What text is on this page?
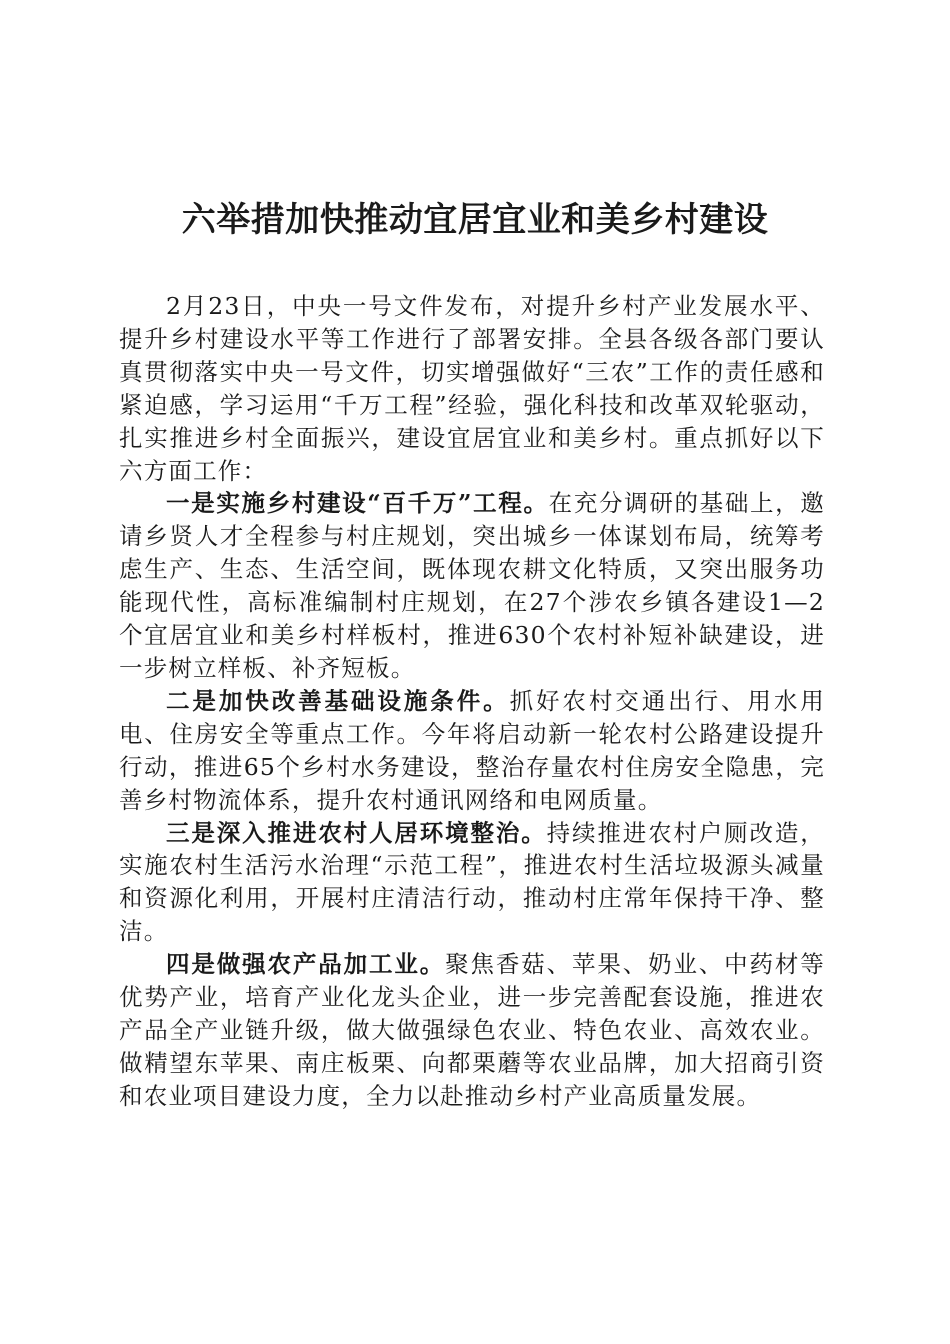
六举措加快推动宜居宜业和美乡村建设

2月23日，中央一号文件发布，对提升乡村产业发展水平、提升乡村建设水平等工作进行了部署安排。全县各级各部门要认真贯彻落实中央一号文件，切实增强做好“三农”工作的责任感和紧迫感，学习运用“千万工程”经验，强化科技和改革双轮驱动，扎实推进乡村全面振兴，建设宜居宜业和美乡村。重点抓好以下六方面工作：

一是实施乡村建设“百千万”工程。在充分调研的基础上，邀请乡贤人才全程参与村庄规划，突出城乡一体谋划布局，统筹考虑生产、生态、生活空间，既体现农耕文化特质，又突出服务功能现代性，高标准编制村庄规划，在27个涉农乡镇各建设1—2个宜居宜业和美乡村样板村，推进630个农村补短补缺建设，进一步树立样板、补齐短板。

二是加快改善基础设施条件。抓好农村交通出行、用水用电、住房安全等重点工作。今年将启动新一轮农村公路建设提升行动，推进65个乡村水务建设，整治存量农村住房安全隐患，完善乡村物流体系，提升农村通讯网络和电网质量。

三是深入推进农村人居环境整治。持续推进农村户厕改造，实施农村生活污水治理“示范工程”，推进农村生活垃圾源头减量和资源化利用，开展村庄清洁行动，推动村庄常年保持干净、整洁。

四是做强农产品加工业。聚焦香菇、苹果、奶业、中药材等优势产业，培育产业化龙头企业，进一步完善配套设施，推进农产品全产业链升级，做大做强绿色农业、特色农业、高效农业。做精望东苹果、南庄板栗、向都栗蘑等农业品牌，加大招商引资和农业项目建设力度，全力以赴推动乡村产业高质量发展。
